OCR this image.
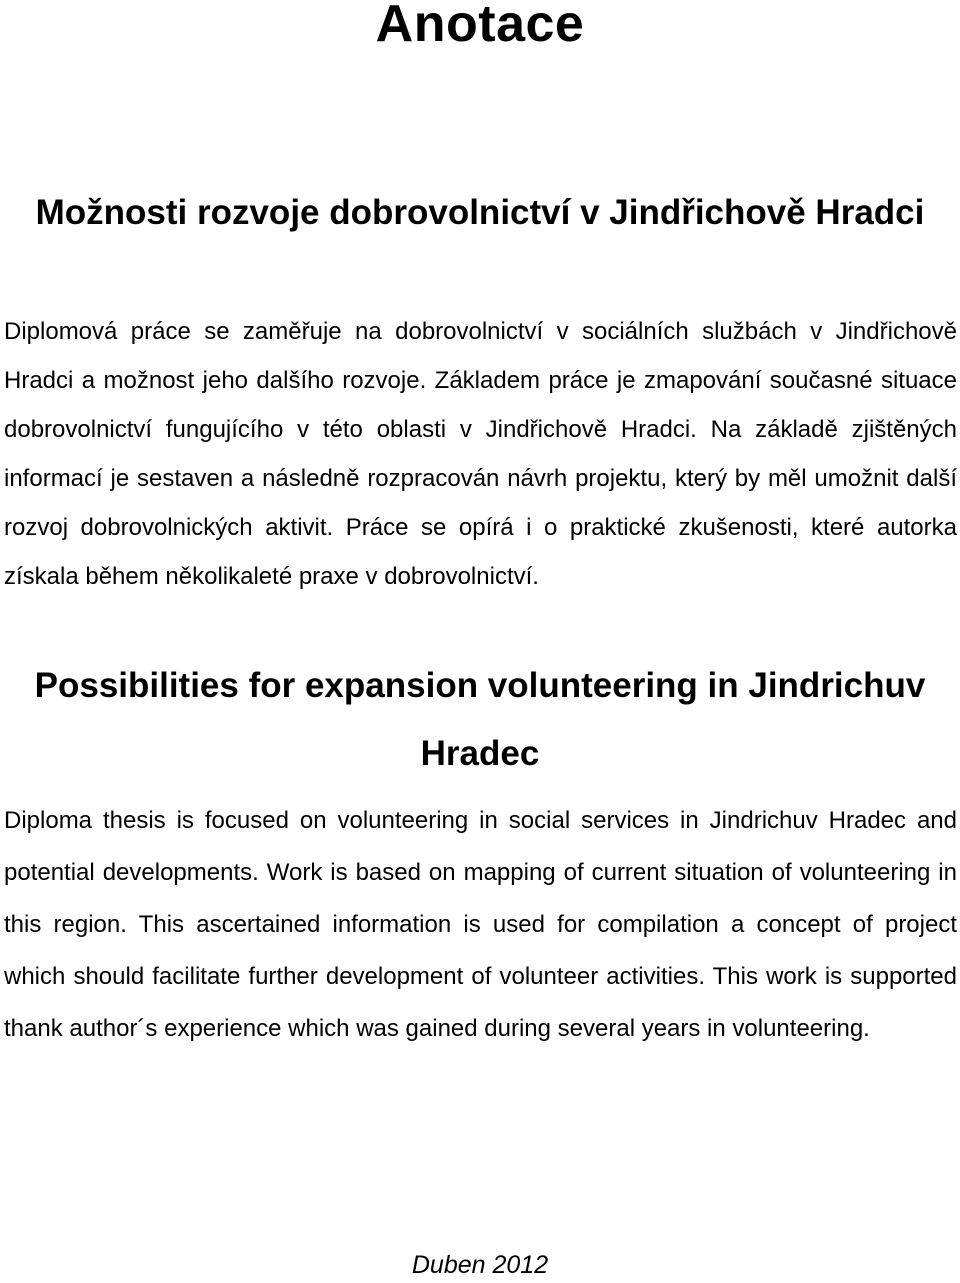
Anotace
Možnosti rozvoje dobrovolnictví v Jindřichově Hradci

Diplomová práce se zaměřuje na dobrovolnictví v sociálních službách v Jindřichově Hradci a možnost jeho dalšího rozvoje. Základem práce je zmapování současné situace dobrovolnictví fungujícího v této oblasti v Jindřichově Hradci. Na základě zjištěných informací je sestaven a následně rozpracován návrh projektu, který by měl umožnit další rozvoj dobrovolnických aktivit. Práce se opírá i o praktické zkušenosti, které autorka získala během několikaleté praxe v dobrovolnictví.

Possibilities for expansion volunteering in Jindrichuv Hradec

Diploma thesis is focused on volunteering in social services in Jindrichuv Hradec and potential developments. Work is based on mapping of current situation of volunteering in this region. This ascertained information is used for compilation a concept of project which should facilitate further development of volunteer activities. This work is supported thank author´s experience which was gained during several years in volunteering.

Duben 2012
